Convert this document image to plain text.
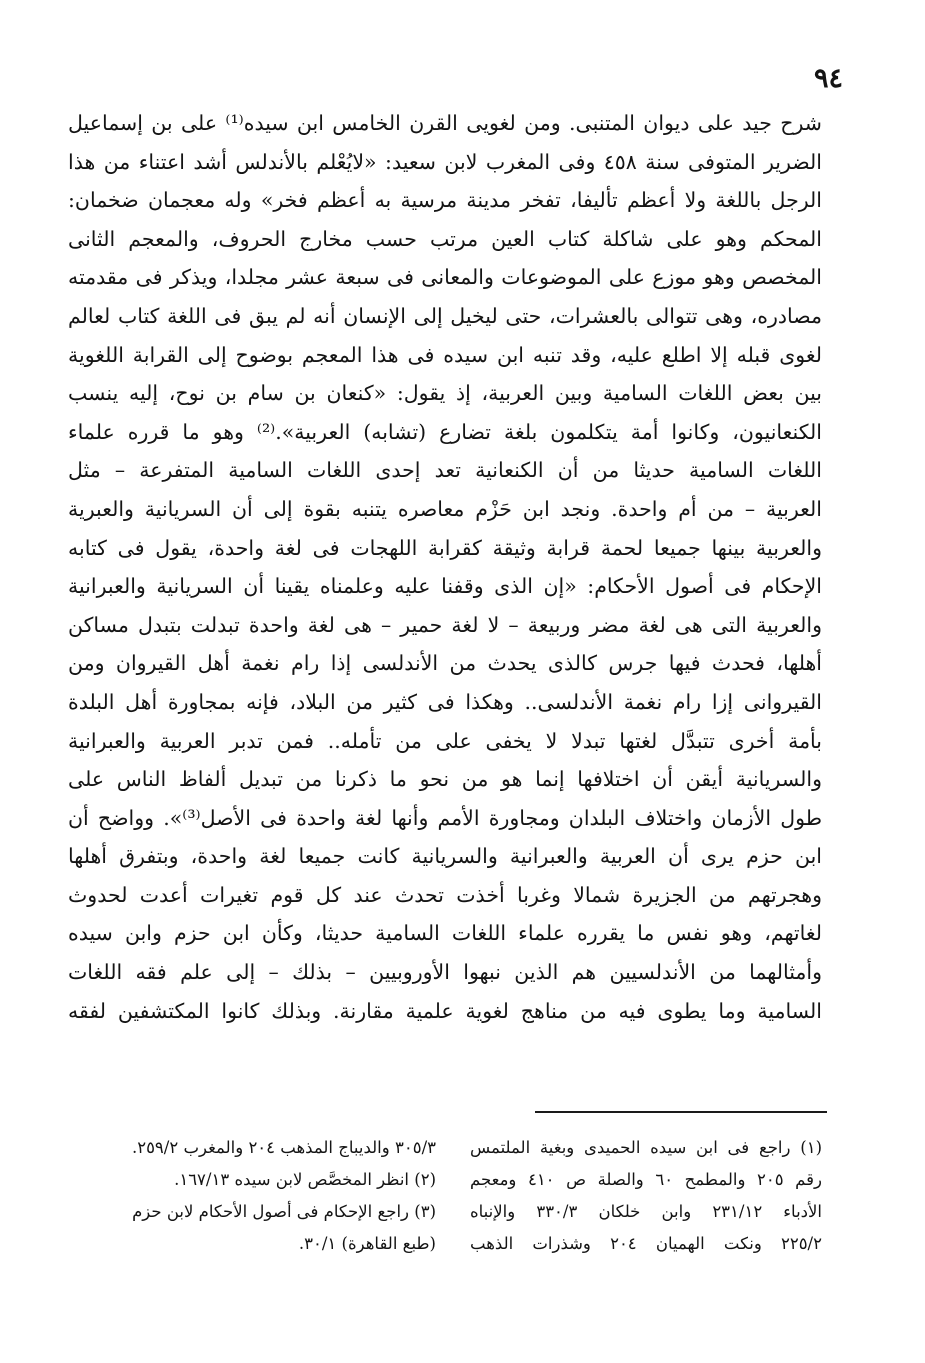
٩٤
شرح جيد على ديوان المتنبى. ومن لغويى القرن الخامس ابن سيده⁽¹⁾ على بن إسماعيل
الضرير المتوفى سنة ٤٥٨ وفى المغرب لابن سعيد: «لايُعْلم بالأندلس أشد اعتناء من هذا
الرجل باللغة ولا أعظم تأليفا، تفخر مدينة مرسية به أعظم فخر» وله معجمان ضخمان:
المحكم وهو على شاكلة كتاب العين مرتب حسب مخارج الحروف، والمعجم الثانى
المخصص وهو موزع على الموضوعات والمعانى فى سبعة عشر مجلدا، ويذكر فى مقدمته
مصادره، وهى تتوالى بالعشرات، حتى ليخيل إلى الإنسان أنه لم يبق فى اللغة كتاب لعالم
لغوى قبله إلا اطلع عليه، وقد تنبه ابن سيده فى هذا المعجم بوضوح إلى القرابة اللغوية
بين بعض اللغات السامية وبين العربية، إذ يقول: «كنعان بن سام بن نوح، إليه ينسب
الكنعانيون، وكانوا أمة يتكلمون بلغة تضارع (تشابه) العربية».⁽²⁾ وهو ما قرره علماء
اللغات السامية حديثا من أن الكنعانية تعد إحدى اللغات السامية المتفرعة – مثل
العربية – من أم واحدة. ونجد ابن حَزْم معاصره يتنبه بقوة إلى أن السريانية والعبرية
والعربية بينها جميعا لحمة قرابة وثيقة كقرابة اللهجات فى لغة واحدة، يقول فى كتابه
الإحكام فى أصول الأحكام: «إن الذى وقفنا عليه وعلمناه يقينا أن السريانية والعبرانية
والعربية التى هى لغة مضر وربيعة – لا لغة حمير – هى لغة واحدة تبدلت بتبدل مساكن
أهلها، فحدث فيها جرس كالذى يحدث من الأندلسى إذا رام نغمة أهل القيروان ومن
القيروانى إزا رام نغمة الأندلسى.. وهكذا فى كثير من البلاد، فإنه بمجاورة أهل البلدة
بأمة أخرى تتبدَّل لغتها تبدلا لا يخفى على من تأمله.. فمن تدبر العربية والعبرانية
والسريانية أيقن أن اختلافها إنما هو من نحو ما ذكرنا من تبديل ألفاظ الناس على
طول الأزمان واختلاف البلدان ومجاورة الأمم وأنها لغة واحدة فى الأصل⁽³⁾». وواضح أن
ابن حزم يرى أن العربية والعبرانية والسريانية كانت جميعا لغة واحدة، وبتفرق أهلها
وهجرتهم من الجزيرة شمالا وغربا أخذت تحدث عند كل قوم تغيرات أعدت لحدوث
لغاتهم، وهو نفس ما يقرره علماء اللغات السامية حديثا، وكأن ابن حزم وابن سيده
وأمثالهما من الأندلسيين هم الذين نبهوا الأوروبيين – بذلك – إلى علم فقه اللغات
السامية وما يطوى فيه من مناهج لغوية علمية مقارنة. وبذلك كانوا المكتشفين لفقه
(١) راجع فى ابن سيده الحميدى وبغية الملتمس
رقم ٢٠٥ والمطمح ٦٠ والصلة ص ٤١٠ ومعجم
الأدباء ٢٣١/١٢ وابن خلكان ٣٣٠/٣ والإنباه
٢٢٥/٢ ونكت الهميان ٢٠٤ وشذرات الذهب
٣٠٥/٣ والديباج المذهب ٢٠٤ والمغرب ٢٥٩/٢.
(٢) انظر المخصَّص لابن سيده ١٦٧/١٣.
(٣) راجع الإحكام فى أصول الأحكام لابن حزم
(طبع القاهرة) ٣٠/١.
